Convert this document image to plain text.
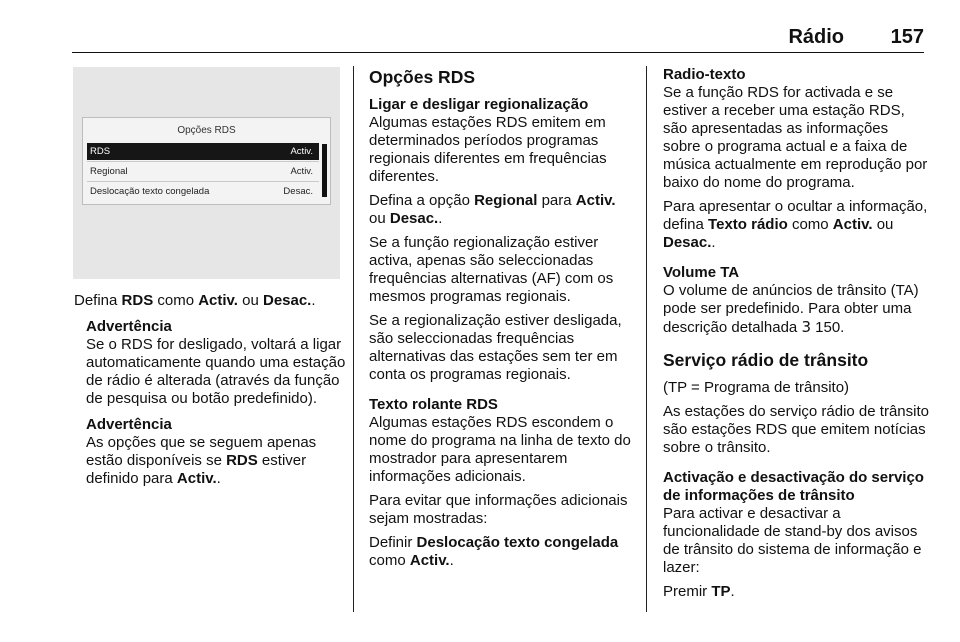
Rádio 157
Opções RDS
RDS	Activ.
Regional	Activ.
Deslocação texto congelada	Desac.

Defina RDS como Activ. ou Desac..

Advertência

Se o RDS for desligado, voltará a ligar automaticamente quando uma estação de rádio é alterada (através da função de pesquisa ou botão predefinido).

Advertência

As opções que se seguem apenas estão disponíveis se RDS estiver definido para Activ..

Opções RDS

Ligar e desligar regionalização

Algumas estações RDS emitem em determinados períodos programas regionais diferentes em frequências diferentes.

Defina a opção Regional para Activ. ou Desac..

Se a função regionalização estiver activa, apenas são seleccionadas frequências alternativas (AF) com os mesmos programas regionais.

Se a regionalização estiver desligada, são seleccionadas frequências alternativas das estações sem ter em conta os programas regionais.

Texto rolante RDS

Algumas estações RDS escondem o nome do programa na linha de texto do mostrador para apresentarem informações adicionais.

Para evitar que informações adicionais sejam mostradas:

Definir Deslocação texto congelada como Activ..

Radio-texto

Se a função RDS for activada e se estiver a receber uma estação RDS, são apresentadas as informações sobre o programa actual e a faixa de música actualmente em reprodução por baixo do nome do programa.

Para apresentar o ocultar a informação, defina Texto rádio como Activ. ou Desac..

Volume TA

O volume de anúncios de trânsito (TA) pode ser predefinido. Para obter uma descrição detalhada 3 150.

Serviço rádio de trânsito

(TP = Programa de trânsito)

As estações do serviço rádio de trânsito são estações RDS que emitem notícias sobre o trânsito.

Activação e desactivação do serviço de informações de trânsito

Para activar e desactivar a funcionalidade de stand-by dos avisos de trânsito do sistema de informação e lazer:

Premir TP.
